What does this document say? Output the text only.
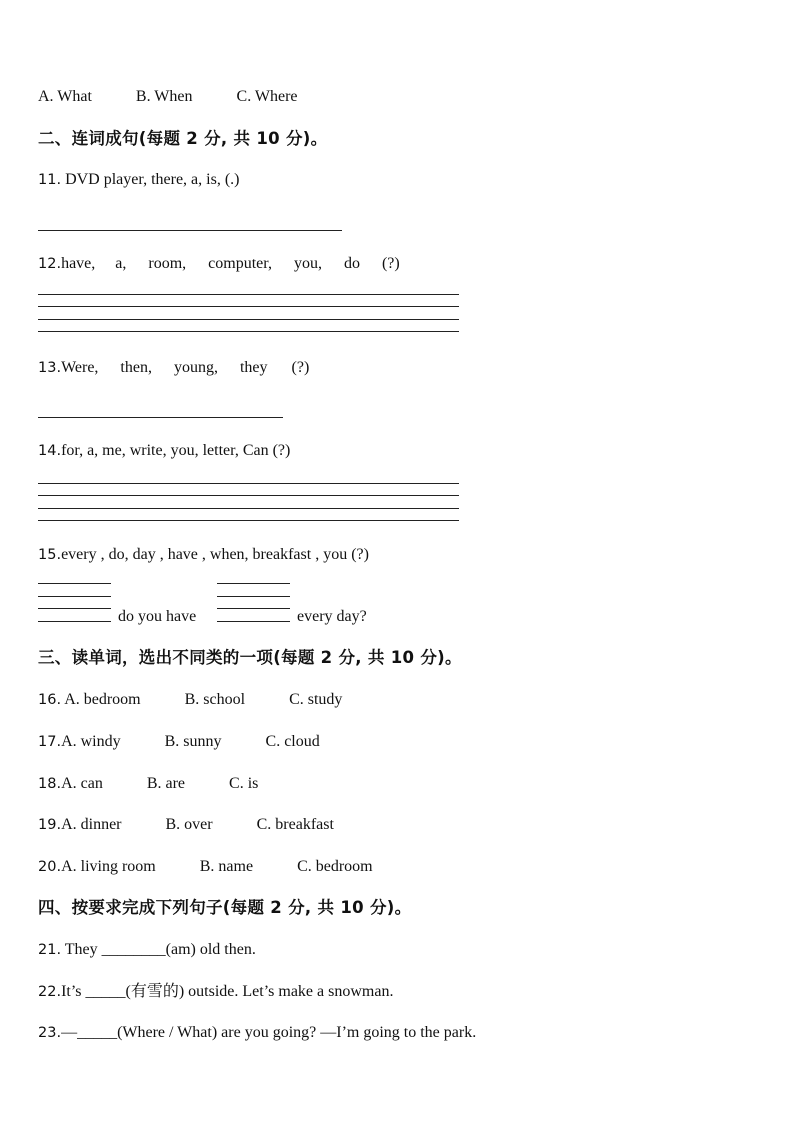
A. What	B. When	C. Where
二、连词成句(每题 2 分, 共 10 分)。
11. DVD player, there, a, is, (.)
12.have, a, room, computer, you, do (?)
13.Were, then, young, they (?)
14.for, a, me, write, you, letter, Can (?)
15.every , do, day , have , when, breakfast , you (?)
do you have	every day?
三、读单词，选出不同类的一项(每题 2 分, 共 10 分)。
16. A. bedroom	B. school	C. study
17.A. windy	B. sunny	C. cloud
18.A. can	B. are	C. is
19.A. dinner	B. over	C. breakfast
20.A. living room	B. name	C. bedroom
四、按要求完成下列句子(每题 2 分, 共 10 分)。
21. They ________(am) old then.
22.It’s _____(有雪的) outside. Let’s make a snowman.
23.—_____(Where / What) are you going? —I’m going to the park.
